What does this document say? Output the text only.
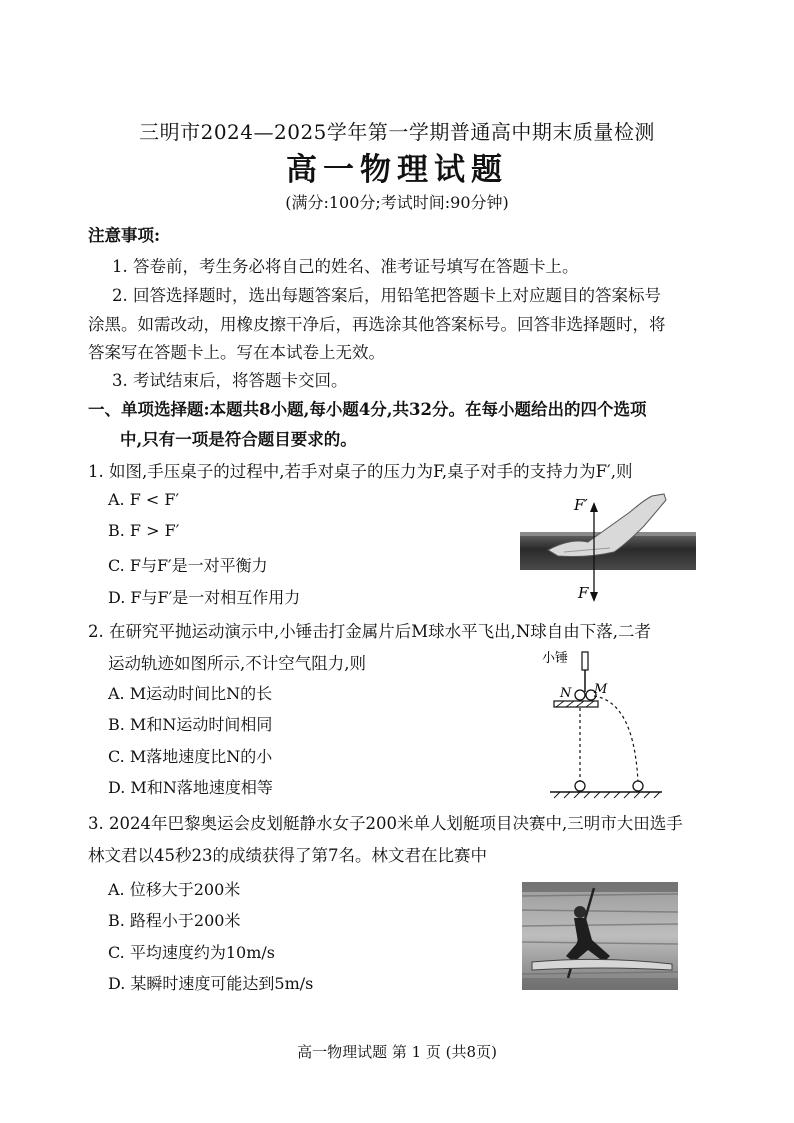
三明市2024—2025学年第一学期普通高中期末质量检测
高一物理试题
(满分:100分;考试时间:90分钟)
注意事项:
1. 答卷前，考生务必将自己的姓名、准考证号填写在答题卡上。
2. 回答选择题时，选出每题答案后，用铅笔把答题卡上对应题目的答案标号
涂黑。如需改动，用橡皮擦干净后，再选涂其他答案标号。回答非选择题时，将
答案写在答题卡上。写在本试卷上无效。
3. 考试结束后，将答题卡交回。
一、单项选择题:本题共8小题,每小题4分,共32分。在每小题给出的四个选项
中,只有一项是符合题目要求的。
1. 如图,手压桌子的过程中,若手对桌子的压力为F,桌子对手的支持力为F′,则
A. F < F′
B. F > F′
C. F与F′是一对平衡力
D. F与F′是一对相互作用力
F′
F
2. 在研究平抛运动演示中,小锤击打金属片后M球水平飞出,N球自由下落,二者
运动轨迹如图所示,不计空气阻力,则
A. M运动时间比N的长
B. M和N运动时间相同
C. M落地速度比N的小
D. M和N落地速度相等
小锤
N M
3. 2024年巴黎奥运会皮划艇静水女子200米单人划艇项目决赛中,三明市大田选手
林文君以45秒23的成绩获得了第7名。林文君在比赛中
A. 位移大于200米
B. 路程小于200米
C. 平均速度约为10m/s
D. 某瞬时速度可能达到5m/s
高一物理试题 第 1 页 (共8页)
